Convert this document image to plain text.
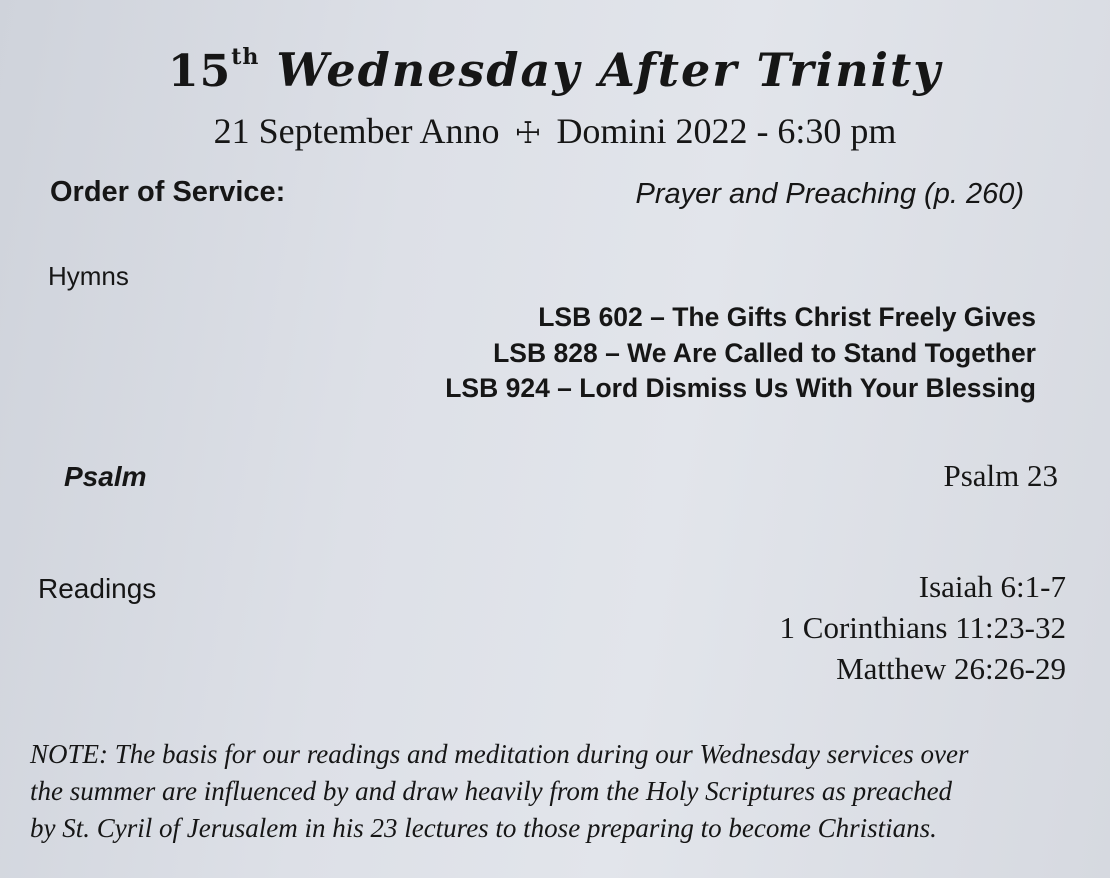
15th Wednesday After Trinity
21 September Anno ☩ Domini 2022 - 6:30 pm
Order of Service:	Prayer and Preaching (p. 260)
Hymns
LSB 602 – The Gifts Christ Freely Gives
LSB 828 – We Are Called to Stand Together
LSB 924 – Lord Dismiss Us With Your Blessing
Psalm	Psalm 23
Readings	Isaiah 6:1-7
1 Corinthians 11:23-32
Matthew 26:26-29
NOTE: The basis for our readings and meditation during our Wednesday services over
the summer are influenced by and draw heavily from the Holy Scriptures as preached
by St. Cyril of Jerusalem in his 23 lectures to those preparing to become Christians.
